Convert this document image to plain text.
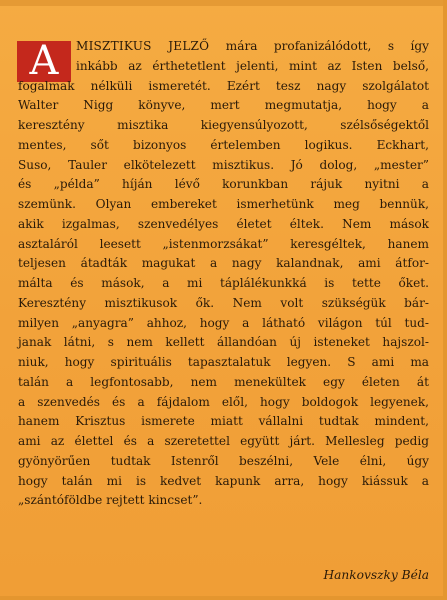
A	MISZTIKUS JELZŐ mára profanizálódott, s így
inkább az érthetetlent jelenti, mint az Isten belső,
fogalmak nélküli ismeretét. Ezért tesz nagy szolgálatot
Walter Nigg könyve, mert megmutatja, hogy a
keresztény misztika kiegyensúlyozott, szélsőségektől
mentes, sőt bizonyos értelemben logikus. Eckhart,
Suso, Tauler elkötelezett misztikus. Jó dolog, „mester”
és „példa” híján lévő korunkban rájuk nyitni a
szemünk. Olyan embereket ismerhetünk meg bennük,
akik izgalmas, szenvedélyes életet éltek. Nem mások
asztaláról leesett „istenmorzsákat” keresgéltek, hanem
teljesen átadták magukat a nagy kalandnak, ami átfor-
málta és mások, a mi táplálékunkká is tette őket.
Keresztény misztikusok ők. Nem volt szükségük bár-
milyen „anyagra” ahhoz, hogy a látható világon túl tud-
janak látni, s nem kellett állandóan új isteneket hajszol-
niuk, hogy spirituális tapasztalatuk legyen. S ami ma
talán a legfontosabb, nem menekültek egy életen át
a szenvedés és a fájdalom elől, hogy boldogok legyenek,
hanem Krisztus ismerete miatt vállalni tudtak mindent,
ami az élettel és a szeretettel együtt járt. Mellesleg pedig
gyönyörűen tudtak Istenről beszélni, Vele élni, úgy
hogy talán mi is kedvet kapunk arra, hogy kiássuk a
„szántóföldbe rejtett kincset”.
Hankovszky Béla
